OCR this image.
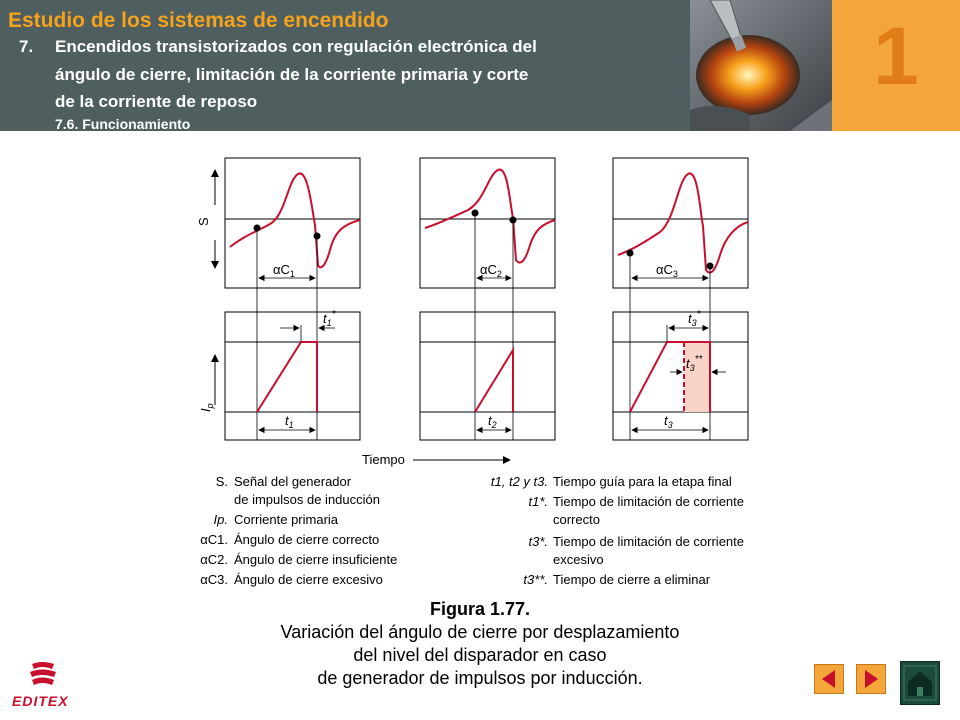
Estudio de los sistemas de encendido
7. Encendidos transistorizados con regulación electrónica del
ángulo de cierre, limitación de la corriente primaria y corte
de la corriente de reposo
7.6. Funcionamiento
1
S
$\alpha C_1$	$\alpha C_2$	$\alpha C_3$
$I_p$
$t_1$	$t_2$	$t_3$
$t_1^*$	$t_3^*$
$t_3^{**}$
Tiempo
S. Señal del generador
de impulsos de inducción
Ip. Corriente primaria
αC1. Ángulo de cierre correcto
αC2. Ángulo de cierre insuficiente
αC3. Ángulo de cierre excesivo
t1, t2 y t3. Tiempo guía para la etapa final
t1*. Tiempo de limitación de corriente
correcto
t3*. Tiempo de limitación de corriente
excesivo
t3**. Tiempo de cierre a eliminar
Figura 1.77.
Variación del ángulo de cierre por desplazamiento
del nivel del disparador en caso
de generador de impulsos por inducción.
EDITEX
